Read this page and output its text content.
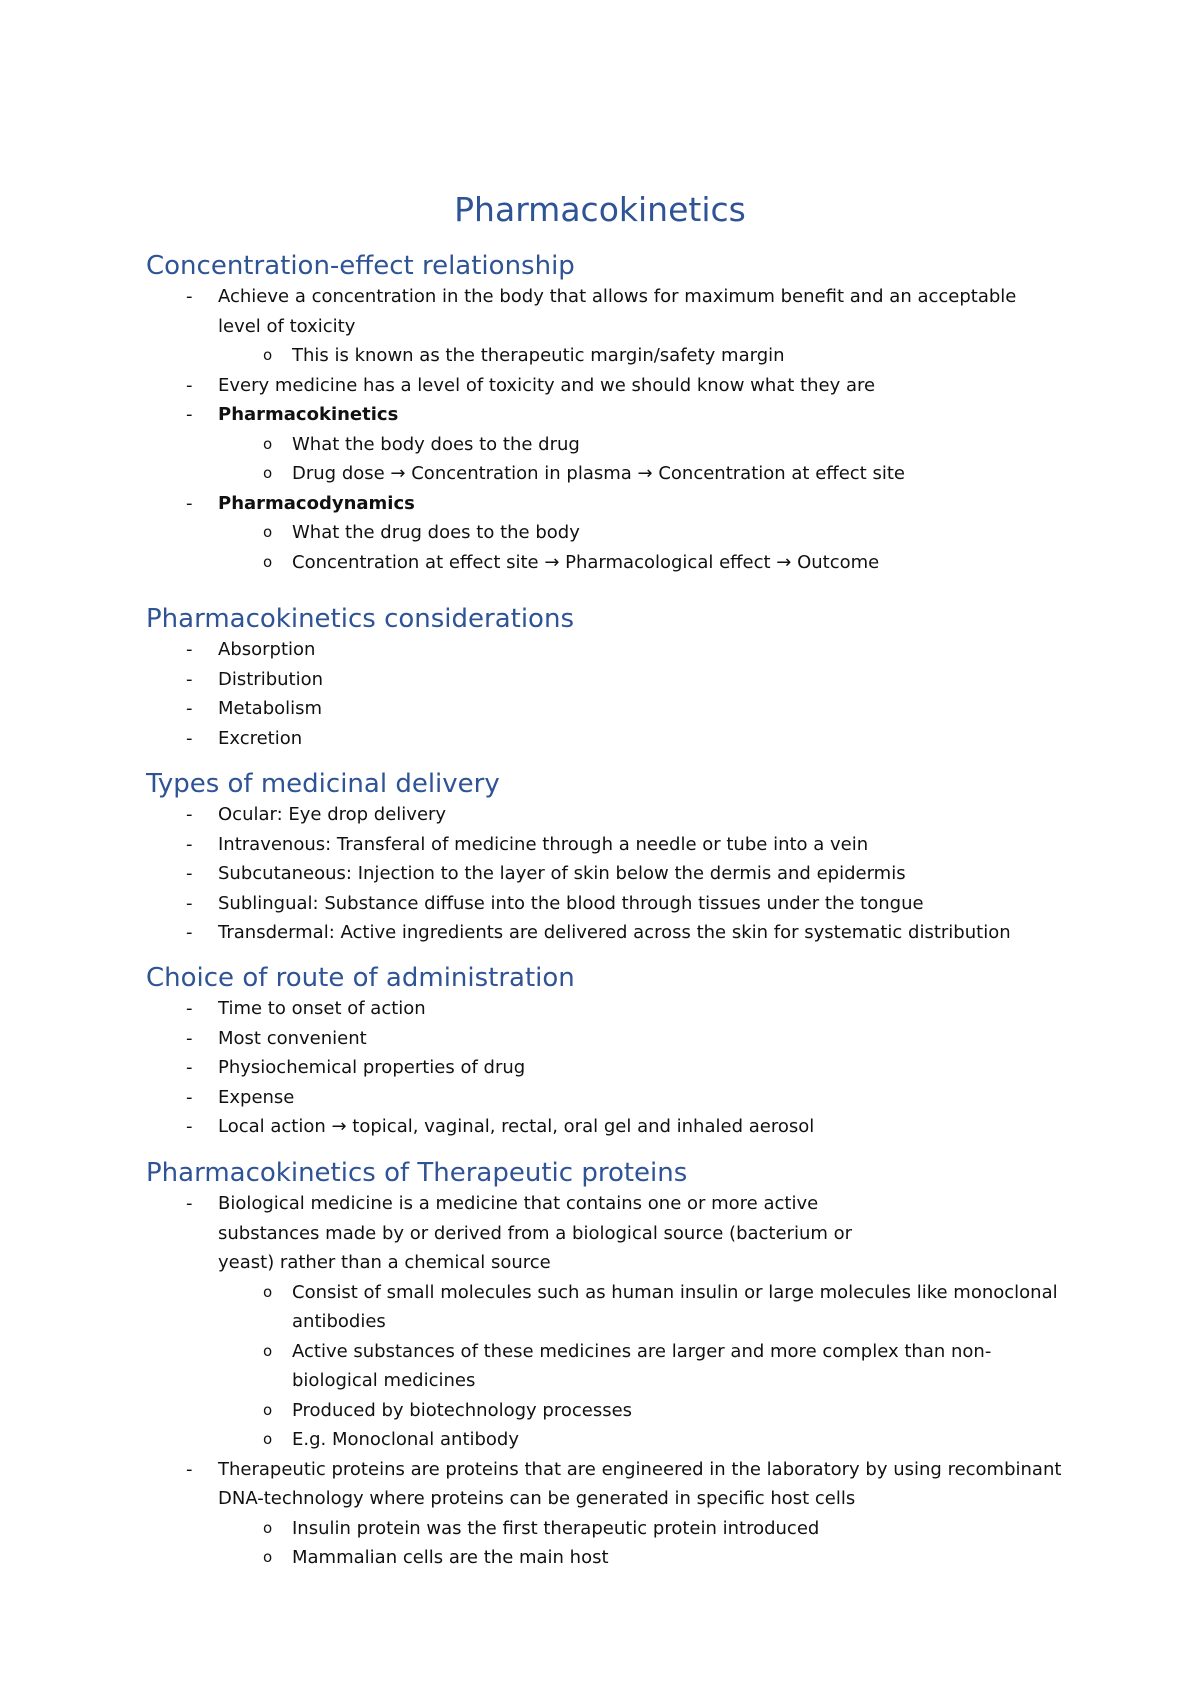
Pharmacokinetics
Concentration-effect relationship
-	Achieve a concentration in the body that allows for maximum benefit and an acceptable level of toxicity
o This is known as the therapeutic margin/safety margin
-	Every medicine has a level of toxicity and we should know what they are
-	Pharmacokinetics
o What the body does to the drug
o Drug dose → Concentration in plasma → Concentration at effect site
-	Pharmacodynamics
o What the drug does to the body
o Concentration at effect site → Pharmacological effect → Outcome
Pharmacokinetics considerations
-	Absorption
-	Distribution
-	Metabolism
-	Excretion
Types of medicinal delivery
-	Ocular: Eye drop delivery
-	Intravenous: Transferal of medicine through a needle or tube into a vein
-	Subcutaneous: Injection to the layer of skin below the dermis and epidermis
-	Sublingual: Substance diffuse into the blood through tissues under the tongue
-	Transdermal: Active ingredients are delivered across the skin for systematic distribution
Choice of route of administration
-	Time to onset of action
-	Most convenient
-	Physiochemical properties of drug
-	Expense
-	Local action → topical, vaginal, rectal, oral gel and inhaled aerosol
Pharmacokinetics of Therapeutic proteins
-	Biological medicine is a medicine that contains one or more active substances made by or derived from a biological source (bacterium or yeast) rather than a chemical source
o Consist of small molecules such as human insulin or large molecules like monoclonal antibodies
o Active substances of these medicines are larger and more complex than non-biological medicines
o Produced by biotechnology processes
o E.g. Monoclonal antibody
-	Therapeutic proteins are proteins that are engineered in the laboratory by using recombinant DNA-technology where proteins can be generated in specific host cells
o Insulin protein was the first therapeutic protein introduced
o Mammalian cells are the main host
